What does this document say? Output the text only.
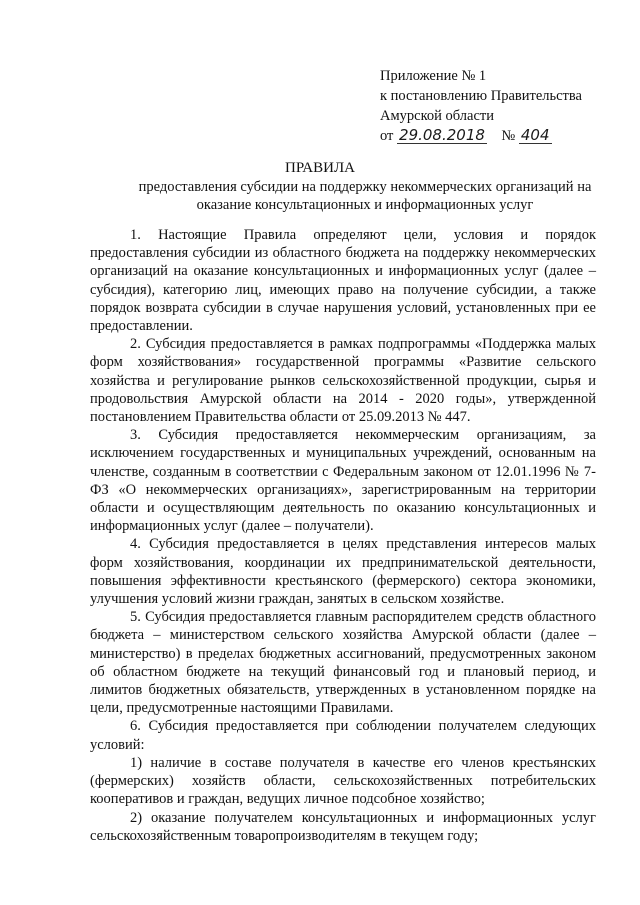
Приложение № 1
к постановлению Правительства
Амурской области
от 29.08.2018 № 404
ПРАВИЛА
предоставления субсидии на поддержку некоммерческих организаций на оказание консультационных и информационных услуг

1. Настоящие Правила определяют цели, условия и порядок предоставления субсидии из областного бюджета на поддержку некоммерческих организаций на оказание консультационных и информационных услуг (далее – субсидия), категорию лиц, имеющих право на получение субсидии, а также порядок возврата субсидии в случае нарушения условий, установленных при ее предоставлении.

2. Субсидия предоставляется в рамках подпрограммы «Поддержка малых форм хозяйствования» государственной программы «Развитие сельского хозяйства и регулирование рынков сельскохозяйственной продукции, сырья и продовольствия Амурской области на 2014 - 2020 годы», утвержденной постановлением Правительства области от 25.09.2013 № 447.

3. Субсидия предоставляется некоммерческим организациям, за исключением государственных и муниципальных учреждений, основанным на членстве, созданным в соответствии с Федеральным законом от 12.01.1996 № 7-ФЗ «О некоммерческих организациях», зарегистрированным на территории области и осуществляющим деятельность по оказанию консультационных и информационных услуг (далее – получатели).

4. Субсидия предоставляется в целях представления интересов малых форм хозяйствования, координации их предпринимательской деятельности, повышения эффективности крестьянского (фермерского) сектора экономики, улучшения условий жизни граждан, занятых в сельском хозяйстве.

5. Субсидия предоставляется главным распорядителем средств областного бюджета – министерством сельского хозяйства Амурской области (далее – министерство) в пределах бюджетных ассигнований, предусмотренных законом об областном бюджете на текущий финансовый год и плановый период, и лимитов бюджетных обязательств, утвержденных в установленном порядке на цели, предусмотренные настоящими Правилами.

6. Субсидия предоставляется при соблюдении получателем следующих условий:

1) наличие в составе получателя в качестве его членов крестьянских (фермерских) хозяйств области, сельскохозяйственных потребительских кооперативов и граждан, ведущих личное подсобное хозяйство;

2) оказание получателем консультационных и информационных услуг сельскохозяйственным товаропроизводителям в текущем году;
